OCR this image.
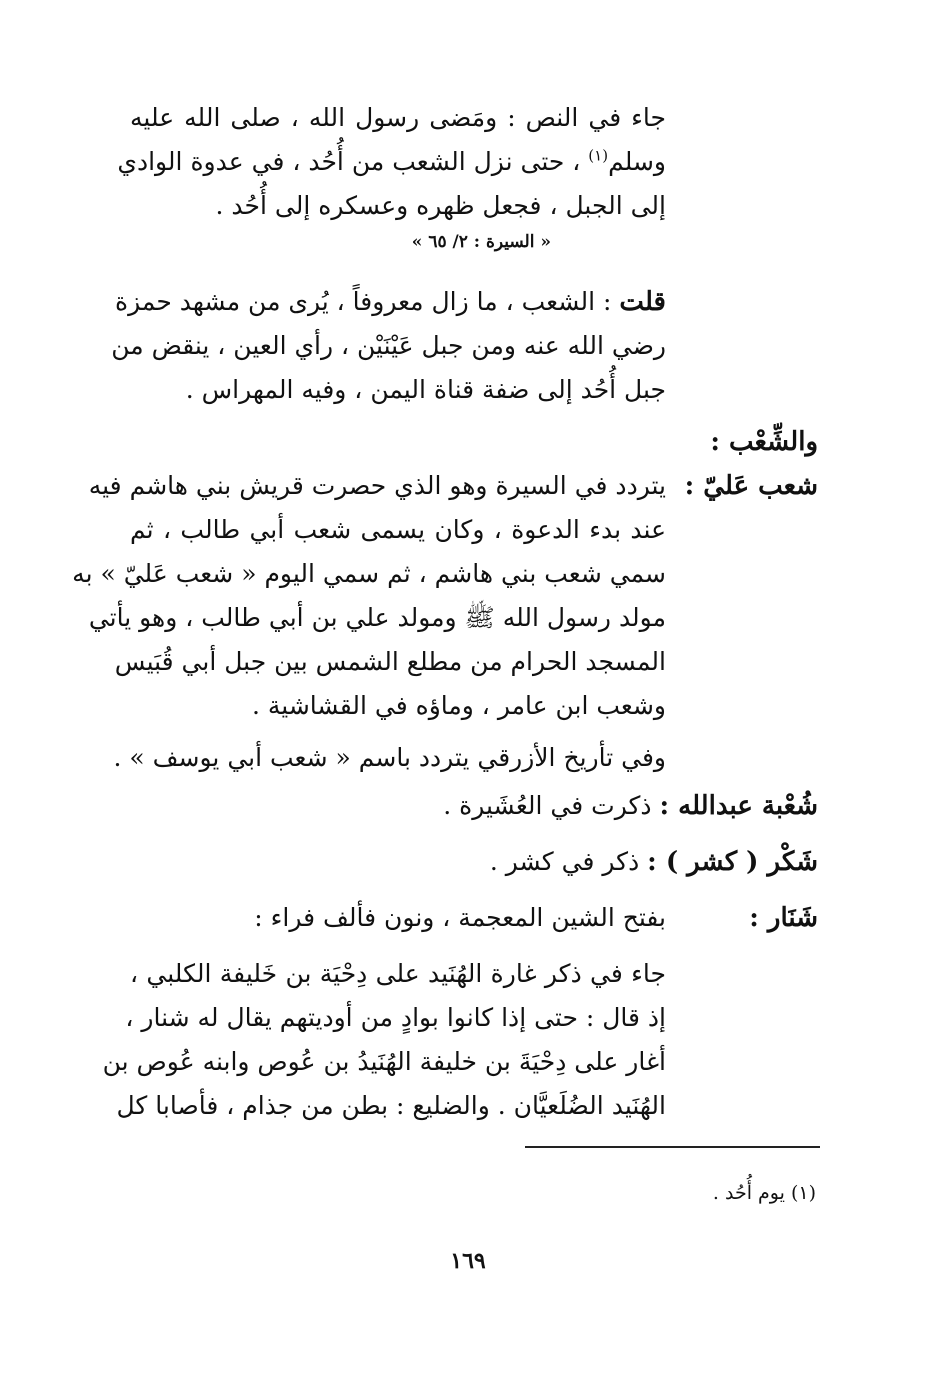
جاء في النص : ومَضى رسول الله ، صلى الله عليه
وسلم$^{(١)}$ ، حتى نزل الشعب من أُحُد ، في عدوة الوادي
إلى الجبل ، فجعل ظهره وعسكره إلى أُحُد .
« السيرة : ٢/ ٦٥ »
قلت : الشعب ، ما زال معروفاً ، يُرى من مشهد حمزة
رضي الله عنه ومن جبل عَيْنَيْن ، رأي العين ، ينقض من
جبل أُحُد إلى ضفة قناة اليمن ، وفيه المهراس .
والشِّعْب :
شعب عَليّ :
يتردد في السيرة وهو الذي حصرت قريش بني هاشم فيه
عند بدء الدعوة ، وكان يسمى شعب أبي طالب ، ثم
سمي شعب بني هاشم ، ثم سمي اليوم « شعب عَليّ » به
مولد رسول الله ﷺ ومولد علي بن أبي طالب ، وهو يأتي
المسجد الحرام من مطلع الشمس بين جبل أبي قُبَيس
وشعب ابن عامر ، وماؤه في القشاشية .
وفي تأريخ الأزرقي يتردد باسم « شعب أبي يوسف » .
شُعْبة عبدالله : ذكرت في العُشَيرة .
شَكْر ( كشر ) : ذكر في كشر .
شَنَار :
بفتح الشين المعجمة ، ونون فألف فراء :
جاء في ذكر غارة الهُنَيد على دِحْيَة بن خَليفة الكلبي ،
إذ قال : حتى إذا كانوا بوادٍ من أوديتهم يقال له شنار ،
أغار على دِحْيَةَ بن خليفة الهُنَيدُ بن عُوص وابنه عُوص بن
الهُنَيد الضُلَعيَّان . والضليع : بطن من جذام ، فأصابا كل
(١) يوم أُحُد .
١٦٩
